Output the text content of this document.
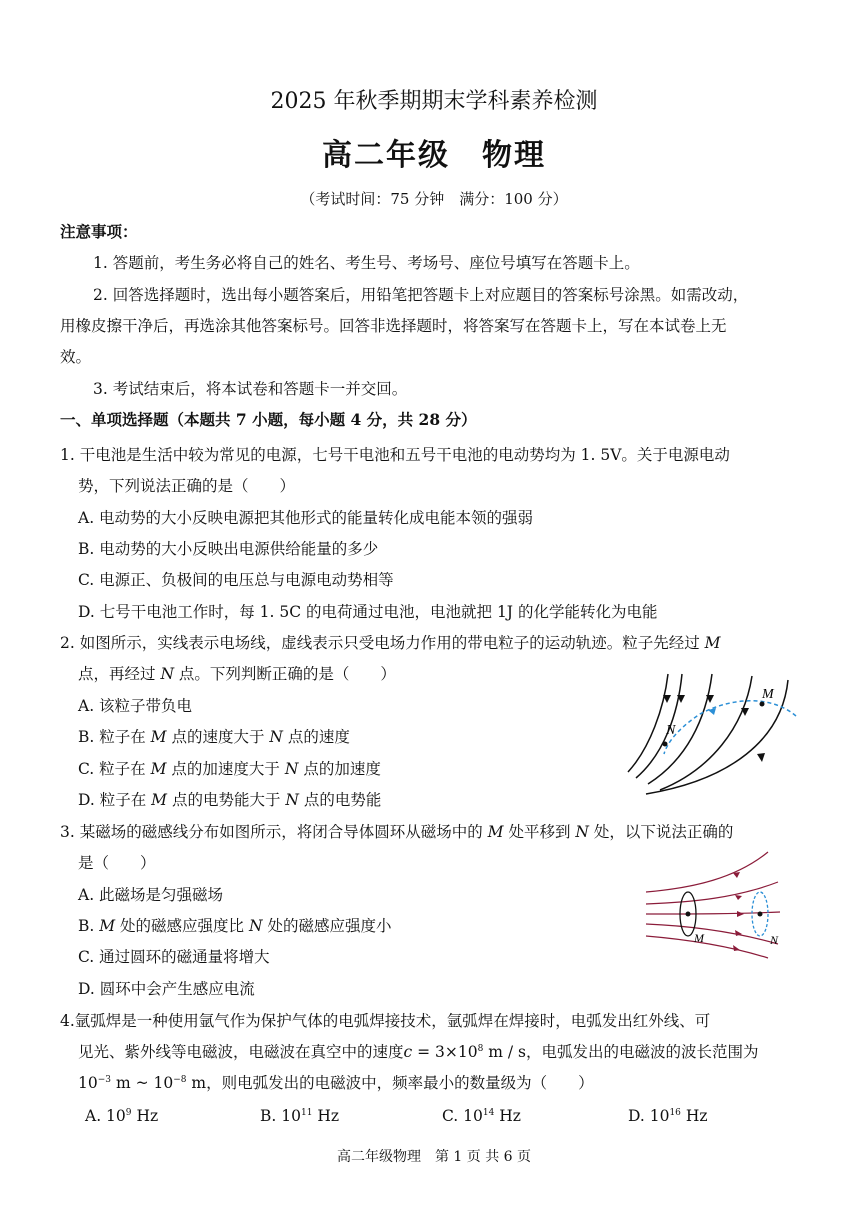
2025 年秋季期期末学科素养检测
高二年级　物理
（考试时间：75 分钟　满分：100 分）
注意事项：
1. 答题前，考生务必将自己的姓名、考生号、考场号、座位号填写在答题卡上。
2. 回答选择题时，选出每小题答案后，用铅笔把答题卡上对应题目的答案标号涂黑。如需改动，
用橡皮擦干净后，再选涂其他答案标号。回答非选择题时，将答案写在答题卡上，写在本试卷上无
效。
3. 考试结束后，将本试卷和答题卡一并交回。
一、单项选择题（本题共 7 小题，每小题 4 分，共 28 分）
1. 干电池是生活中较为常见的电源，七号干电池和五号干电池的电动势均为 1. 5V。关于电源电动
势，下列说法正确的是（　　）
A. 电动势的大小反映电源把其他形式的能量转化成电能本领的强弱
B. 电动势的大小反映出电源供给能量的多少
C. 电源正、负极间的电压总与电源电动势相等
D. 七号干电池工作时，每 1. 5C 的电荷通过电池，电池就把 1J 的化学能转化为电能
2. 如图所示，实线表示电场线，虚线表示只受电场力作用的带电粒子的运动轨迹。粒子先经过 M
点，再经过 N 点。下列判断正确的是（　　）
A. 该粒子带负电
B. 粒子在 M 点的速度大于 N 点的速度
C. 粒子在 M 点的加速度大于 N 点的加速度
D. 粒子在 M 点的电势能大于 N 点的电势能
M
N
3. 某磁场的磁感线分布如图所示，将闭合导体圆环从磁场中的 M 处平移到 N 处，以下说法正确的
是（　　）
A. 此磁场是匀强磁场
B. M 处的磁感应强度比 N 处的磁感应强度小
C. 通过圆环的磁通量将增大
D. 圆环中会产生感应电流
M	N
4.氩弧焊是一种使用氩气作为保护气体的电弧焊接技术，氩弧焊在焊接时，电弧发出红外线、可
见光、紫外线等电磁波，电磁波在真空中的速度$c = 3\times 10^8$ m / s，电弧发出的电磁波的波长范围为
$10^{-3}$ m ~ $10^{-8}$ m，则电弧发出的电磁波中，频率最小的数量级为（　　）
A. $10^9$ Hz	B. $10^{11}$ Hz	C. $10^{14}$ Hz	D. $10^{16}$ Hz
高二年级物理　第 1 页 共 6 页
